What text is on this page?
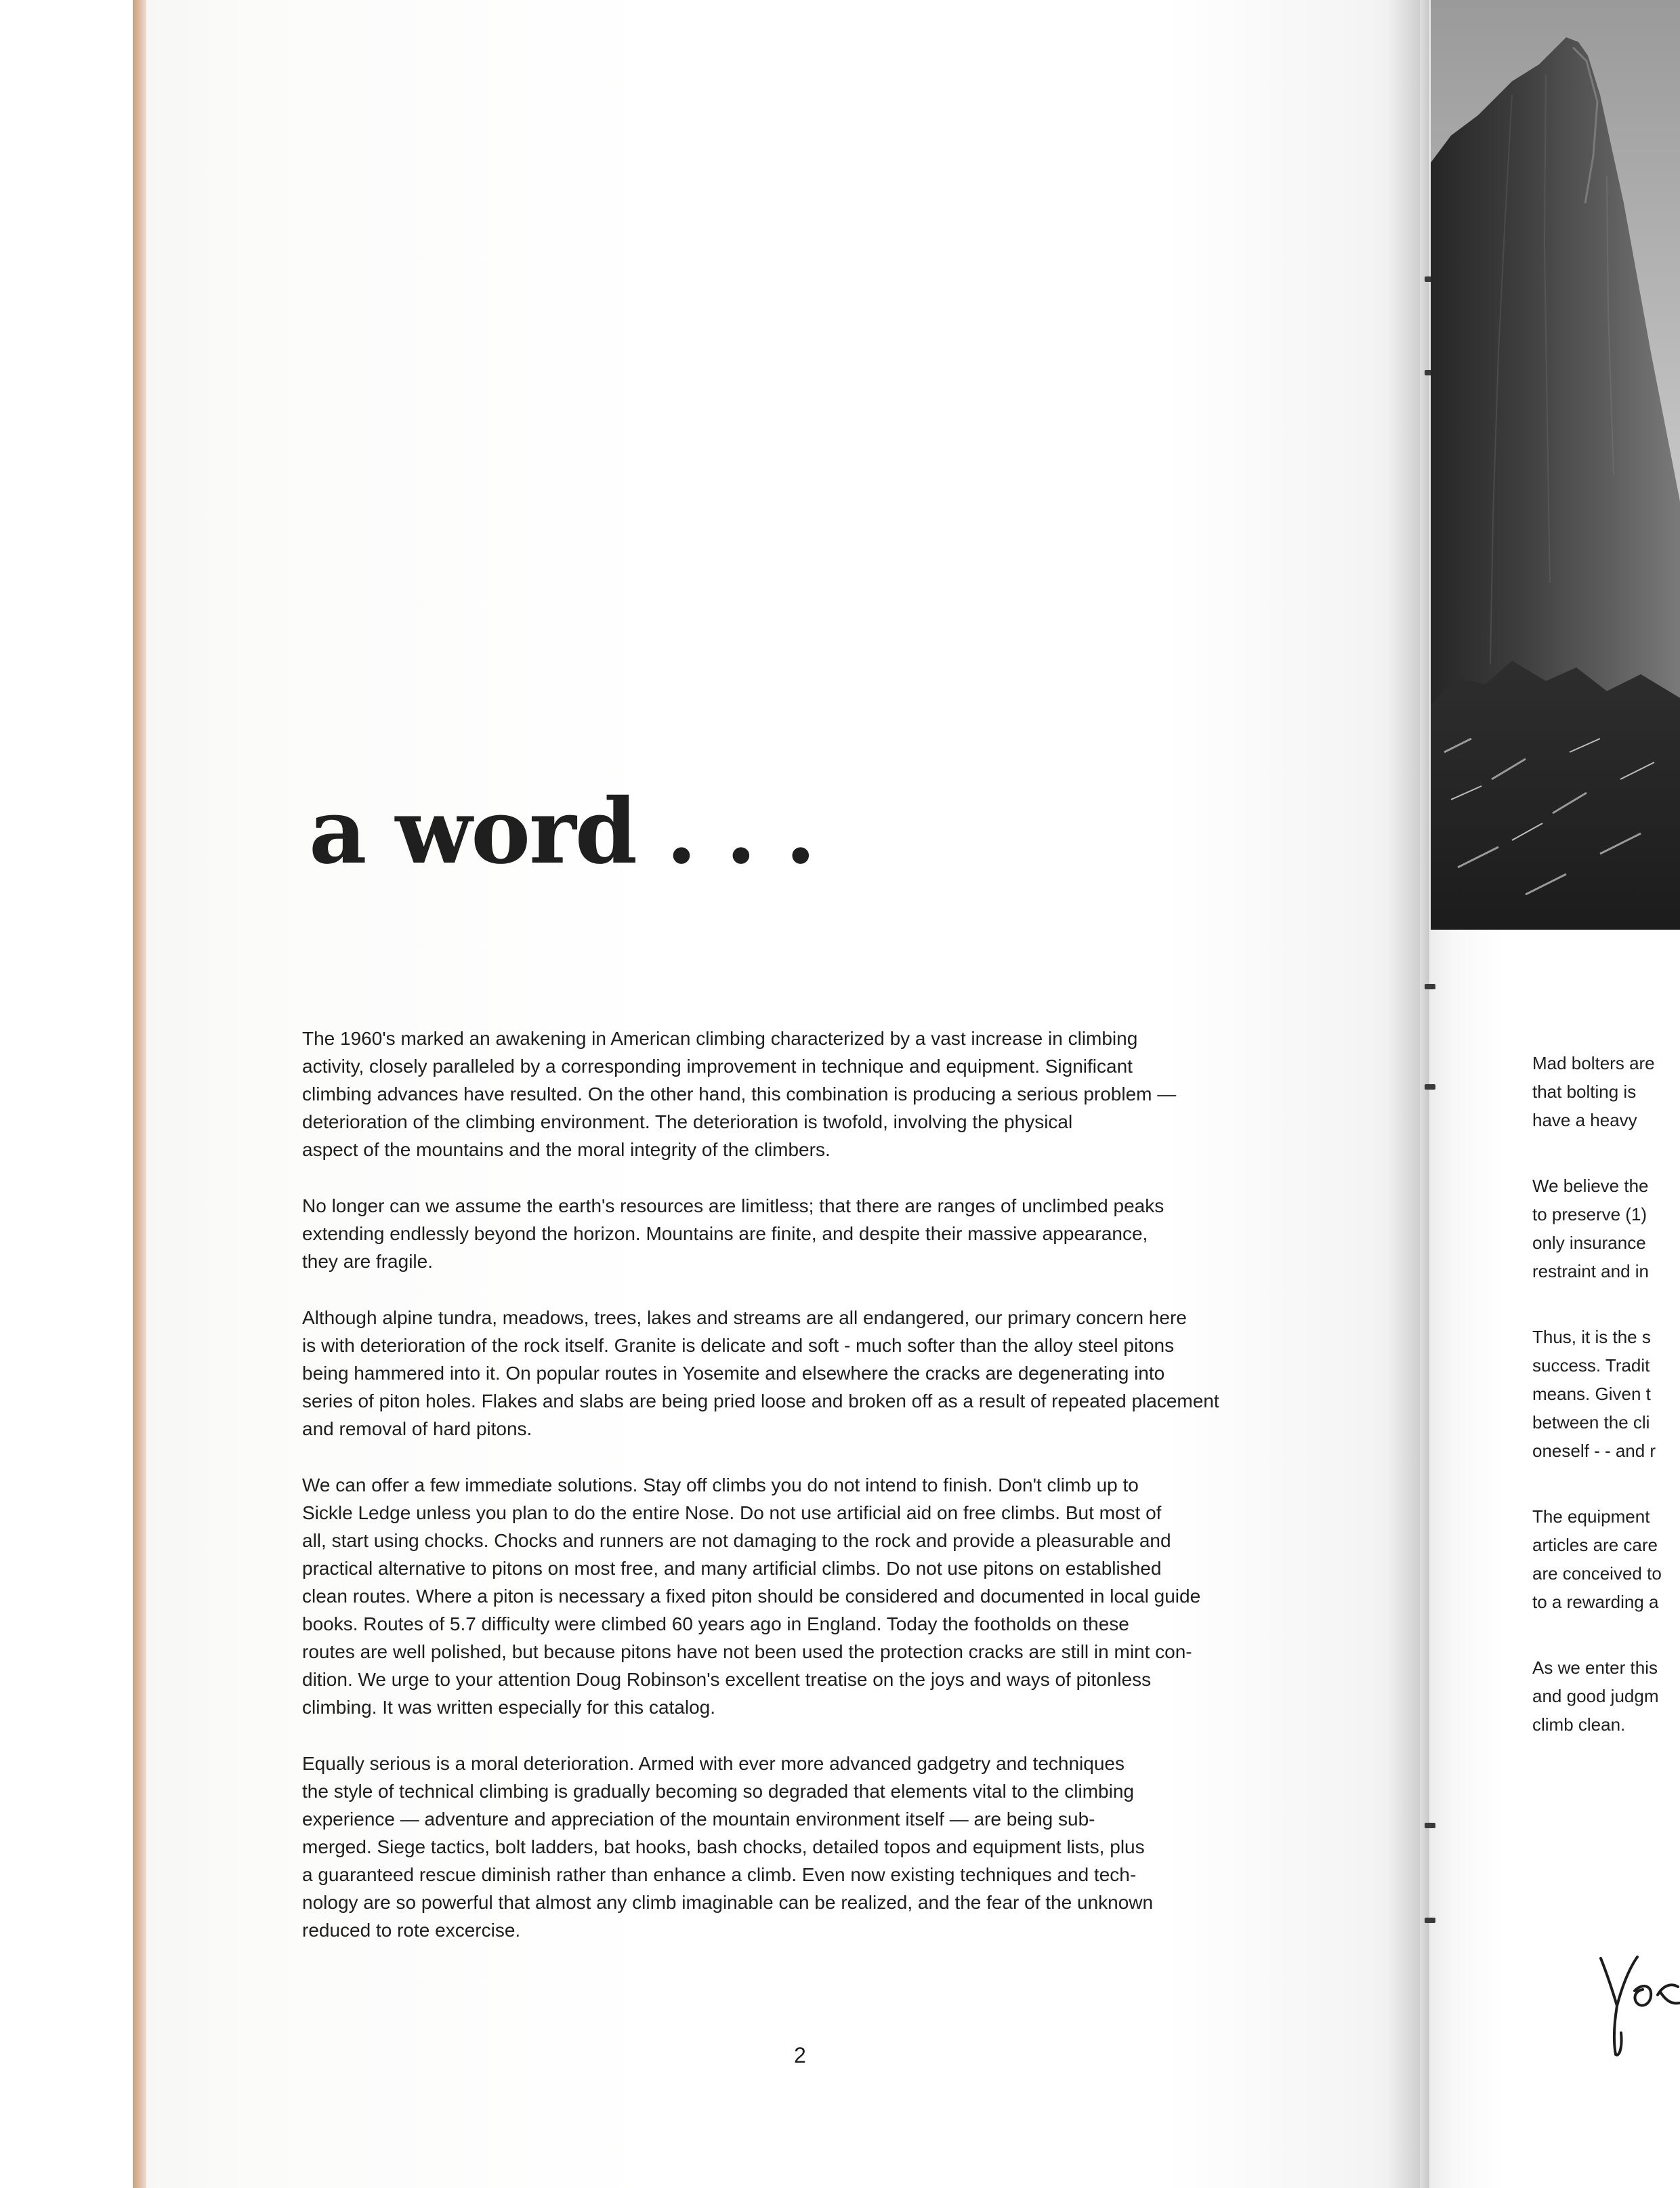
a word . . .

The 1960's marked an awakening in American climbing characterized by a vast increase in climbing
activity, closely paralleled by a corresponding improvement in technique and equipment. Significant
climbing advances have resulted. On the other hand, this combination is producing a serious problem —
deterioration of the climbing environment. The deterioration is twofold, involving the physical
aspect of the mountains and the moral integrity of the climbers.

No longer can we assume the earth's resources are limitless; that there are ranges of unclimbed peaks
extending endlessly beyond the horizon. Mountains are finite, and despite their massive appearance,
they are fragile.

Although alpine tundra, meadows, trees, lakes and streams are all endangered, our primary concern here
is with deterioration of the rock itself. Granite is delicate and soft - much softer than the alloy steel pitons
being hammered into it. On popular routes in Yosemite and elsewhere the cracks are degenerating into
series of piton holes. Flakes and slabs are being pried loose and broken off as a result of repeated placement
and removal of hard pitons.

We can offer a few immediate solutions. Stay off climbs you do not intend to finish. Don't climb up to
Sickle Ledge unless you plan to do the entire Nose. Do not use artificial aid on free climbs. But most of
all, start using chocks. Chocks and runners are not damaging to the rock and provide a pleasurable and
practical alternative to pitons on most free, and many artificial climbs. Do not use pitons on established
clean routes. Where a piton is necessary a fixed piton should be considered and documented in local guide
books. Routes of 5.7 difficulty were climbed 60 years ago in England. Today the footholds on these
routes are well polished, but because pitons have not been used the protection cracks are still in mint con-
dition. We urge to your attention Doug Robinson's excellent treatise on the joys and ways of pitonless
climbing. It was written especially for this catalog.

Equally serious is a moral deterioration. Armed with ever more advanced gadgetry and techniques
the style of technical climbing is gradually becoming so degraded that elements vital to the climbing
experience — adventure and appreciation of the mountain environment itself — are being sub-
merged. Siege tactics, bolt ladders, bat hooks, bash chocks, detailed topos and equipment lists, plus
a guaranteed rescue diminish rather than enhance a climb. Even now existing techniques and tech-
nology are so powerful that almost any climb imaginable can be realized, and the fear of the unknown
reduced to rote excercise.

2

Mad bolters are
that bolting is
have a heavy

We believe the
to preserve (1)
only insurance
restraint and in

Thus, it is the s
success. Tradit
means. Given t
between the cli
oneself - - and r

The equipment
articles are care
are conceived to
to a rewarding a

As we enter this
and good judgm
climb clean.
